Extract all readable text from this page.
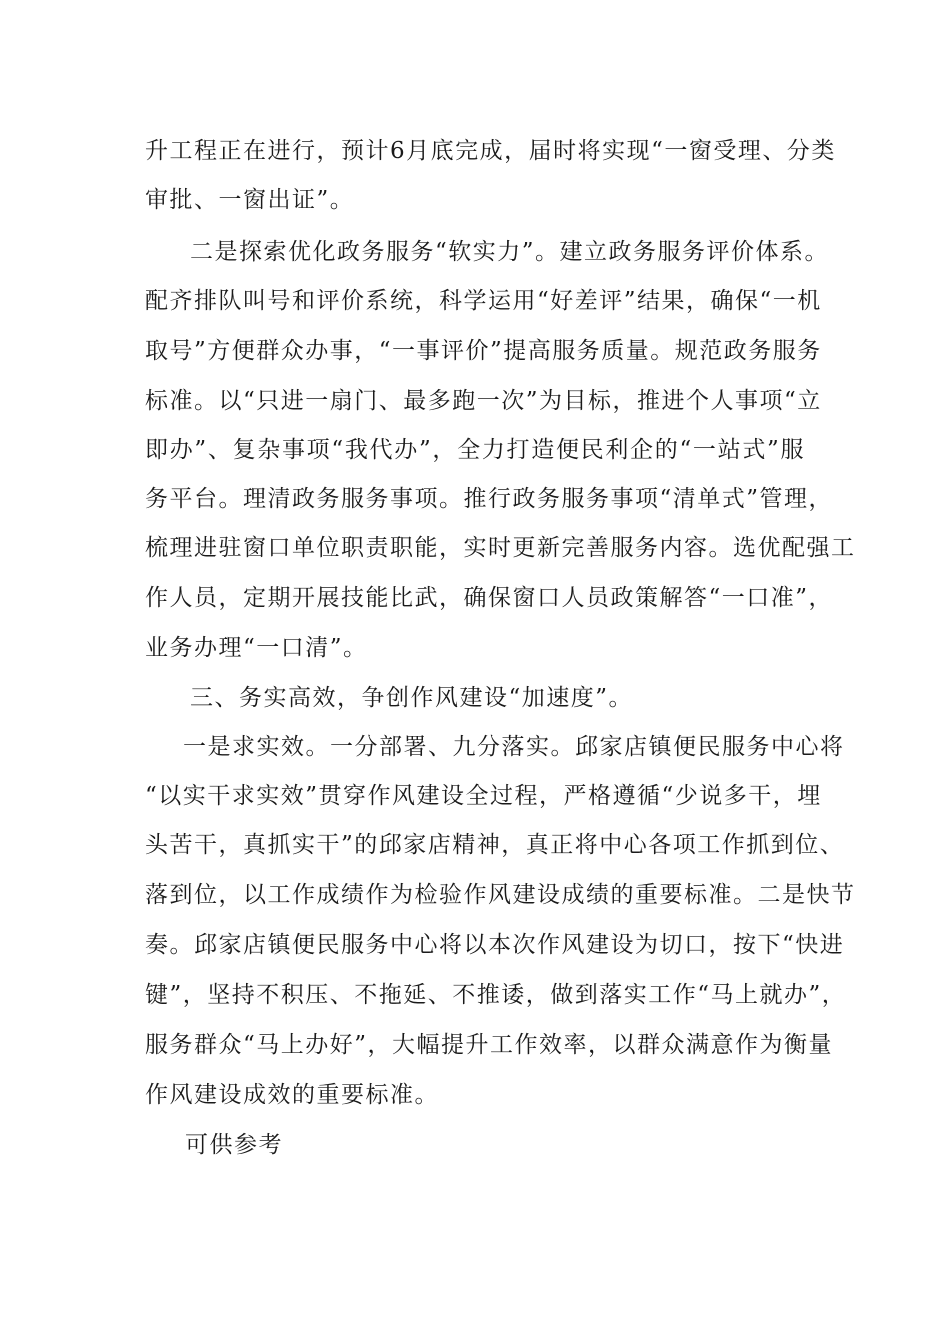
升工程正在进行，预计6月底完成，届时将实现“一窗受理、分类
审批、一窗出证”。
二是探索优化政务服务“软实力”。建立政务服务评价体系。
配齐排队叫号和评价系统，科学运用“好差评”结果，确保“一机
取号”方便群众办事，“一事评价”提高服务质量。规范政务服务
标准。以“只进一扇门、最多跑一次”为目标，推进个人事项“立
即办”、复杂事项“我代办”，全力打造便民利企的“一站式”服
务平台。理清政务服务事项。推行政务服务事项“清单式”管理，
梳理进驻窗口单位职责职能，实时更新完善服务内容。选优配强工
作人员，定期开展技能比武，确保窗口人员政策解答“一口准”，
业务办理“一口清”。
三、务实高效，争创作风建设“加速度”。
一是求实效。一分部署、九分落实。邱家店镇便民服务中心将
“以实干求实效”贯穿作风建设全过程，严格遵循“少说多干，埋
头苦干，真抓实干”的邱家店精神，真正将中心各项工作抓到位、
落到位，以工作成绩作为检验作风建设成绩的重要标准。二是快节
奏。邱家店镇便民服务中心将以本次作风建设为切口，按下“快进
键”，坚持不积压、不拖延、不推诿，做到落实工作“马上就办”，
服务群众“马上办好”，大幅提升工作效率，以群众满意作为衡量
作风建设成效的重要标准。
可供参考
